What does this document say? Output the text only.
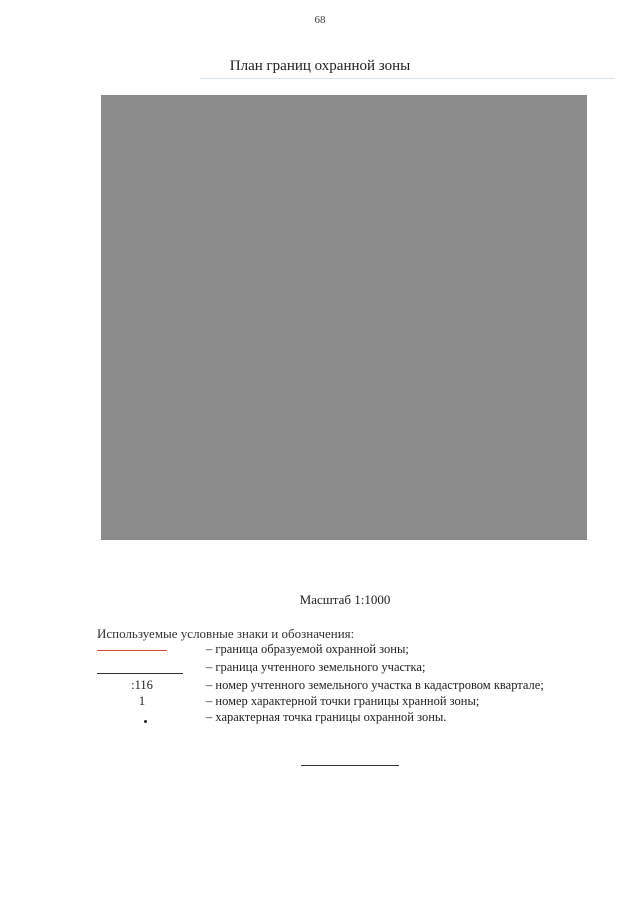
68
План границ охранной зоны
Масштаб 1:1000
Используемые условные знаки и обозначения:
– граница образуемой охранной зоны;
– граница учтенного земельного участка;
:116	– номер учтенного земельного участка в кадастровом квартале;
1	– номер характерной точки границы хранной зоны;
– характерная точка границы охранной зоны.
